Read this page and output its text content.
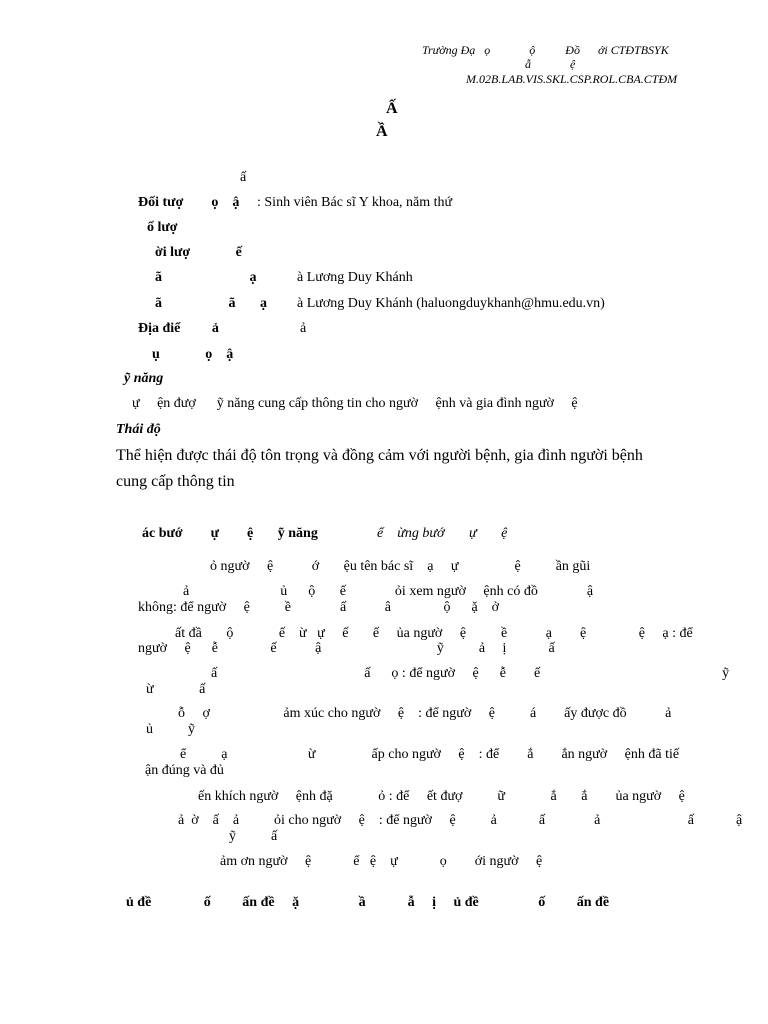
Trường Đạ   ọ             ộ          Đồ      ới CTĐTBSYK
ẫ             ệ
M.02B.LAB.VIS.SKL.CSP.ROL.CBA.CTĐM
Ấ
Ầ
ấ
Đối tượ        ọ    ậ : Sinh viên Bác sĩ Y khoa, năm thứ
ố lượ
ời lượ             ế
ã                         ạ	à Lương Duy Khánh
ã                   ã       ạ à Lương Duy Khánh (haluongduykhanh@hmu.edu.vn)
Địa điể         ả	ả
ụ             ọ    ậ
ỹ năng
ự     ện đượ      ỹ năng cung cấp thông tin cho ngườ     ệnh và gia đình ngườ     ệ
Thái độ
Thể hiện được thái độ tôn trọng và đồng cảm với người bệnh, gia đình người bệnh
cung cấp thông tin
ác bướ        ự        ệ       ỹ năng	ể    ừng bướ       ự       ệ
ỏ ngườ     ệ           ớ       ệu tên bác sĩ    ạ     ự                ệ          ần gũi
ả                          ủ      ộ       ế              ỏi xem ngườ     ệnh có đồ              ậ
không: để ngườ     ệ          ề              ấ           â               ộ      ặ    ở
ất đầ       ộ             ế    ừ   ự     ế       ế     ủa ngườ     ệ          ề           ạ        ệ               ệ     ạ : để
ngườ     ệ      ễ               ế           ậ                                 ỹ          ả     ị            ấ
ấ                                          ấ      ọ : để ngườ     ệ      ễ        ế                                                    ỹ
ừ             ấ
ỗ     ợ                     ảm xúc cho ngườ     ệ    : để ngườ     ệ          á        ấy được đồ           ả
ủ          ỹ
ể          ạ                       ừ                ấp cho ngườ     ệ    : để        ắ        ắn ngườ     ệnh đã tiế
ận đúng và đủ
ến khích ngườ     ệnh đặ             ỏ : để     ết đượ          ữ             ắ       ắ        ủa ngườ     ệ
ả  ờ    ấ    ả          ỏi cho ngườ     ệ    : để ngườ     ệ          ả            ấ              ả                         ấ            ậ
ỹ          ấ
ảm ơn ngườ     ệ            ể   ệ    ự            ọ        ới ngườ     ệ
ủ đề               ố         ấn đề     ặ                 ầ            ẫ     ị     ủ đề                 ố         ấn đề
